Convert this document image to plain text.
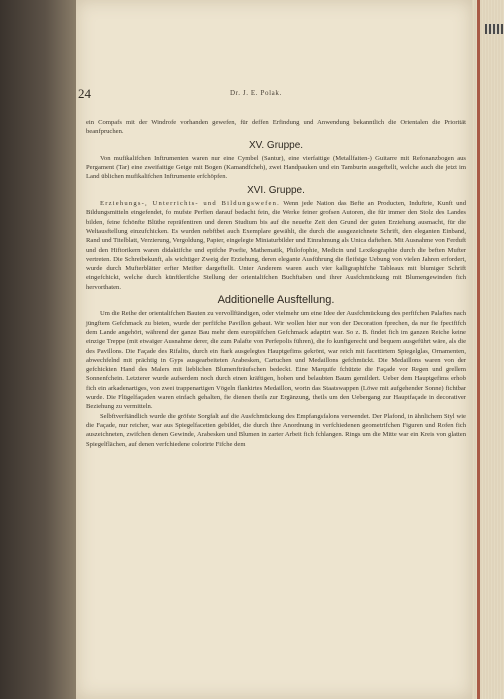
24	Dr. J. E. Polak.

ein Compafs mit der Windrofe vorhanden gewefen, für deffen Erfindung und Anwendung bekanntlich die Orientalen die Priorität beanfpruchen.

XV. Gruppe.

Von mufikalifchen Inftrumenten waren nur eine Cymbel (Santur), eine vierfaitige (Metallfaiten-) Guitarre mit Refonanzbogen aus Pergament (Tar) eine zweifaitige Geige mit Bogen (Kamandfcheh), zwei Handpauken und ein Tamburin ausgeftellt, welche auch die jetzt im Land üblichen mufikalifchen Inftrumente erfchöpfen.

XVI. Gruppe.

Erziehungs-, Unterrichts- und Bildungswefen. Wenn jede Nation das Befte an Producten, Induftrie, Kunft und Bildungsmitteln eingefendet, fo mufste Perfien darauf bedacht fein, die Werke feiner grofsen Autoren, die für immer den Stolz des Landes bilden, feine fchönfte Blüthe repräfentiren und deren Studium bis auf die neuefte Zeit den Grund der guten Erziehung ausmacht, für die Weltausftellung einzufchicken. Es wurden nebftbei auch Exemplare gewählt, die durch die ausgezeichnete Schrift, den eleganten Einband, Rand und Titelblatt, Verzierung, Vergoldung, Papier, eingelegte Miniaturbilder und Einrahmung als Unica daftehen. Mit Ausnahme von Ferduft und den Hiftorikern waren didaktifche und epifche Poefie, Mathematik, Philofophie, Medicin und Lexikographie durch die beften Mufter vertreten. Die Schreibekunft, als wichtiger Zweig der Erziehung, deren elegante Ausführung die fleifsige Uebung von vielen Jahren erfordert, wurde durch Mufterblätter erfter Meifter dargeftellt. Unter Anderem waren auch vier kalligraphifche Tableaux mit blumiger Schrift eingefchickt, welche durch künftlerifche Stellung der orientalifchen Buchftaben und ihrer Ausfchmückung mit Blumengewinden fich hervorthaten.

Additionelle Ausftellung.

Um die Reihe der orientalifchen Bauten zu vervollftändigen, oder vielmehr um eine Idee der Ausfchmückung des perfifchen Palaftes nach jüngftem Gefchmack zu bieten, wurde der perfifche Pavillon gebaut. Wir wollen hier nur von der Decoration fprechen, da nur fie fpecififch dem Lande angehört, während der ganze Bau mehr dem europäifchen Gefchmack adaptirt war. So z. B. findet fich im ganzen Reiche keine einzige Treppe (mit etwaiger Ausnahme derer, die zum Palafte von Perfepolis führen), die fo kunftgerecht und bequem ausgeführt wäre, als die des Pavillons. Die Façade des Rifalits, durch ein ftark ausgelegtes Hauptgefims gekrönt, war reich mit facettirtem Spiegelglas, Ornamenten, abwechfelnd mit prächtig in Gyps ausgearbeiteten Arabesken, Cartuchen und Medaillons gefchmückt. Die Medaillons waren von der gefchickten Hand des Malers mit lieblichen Blumenfträufschen bedeckt. Eine Marquife fchützte die Façade vor Regen und grellem Sonnenfchein. Letzterer wurde aufserdem noch durch einen kräftigen, hohen und belaubten Baum gemildert. Ueber dem Hauptgefims erhob fich ein arkadenartiges, von zwei trappenartigen Vögeln flankirtes Medaillon, worin das Staatswappen (Löwe mit aufgehender Sonne) fichtbar wurde. Die Flügelfaçaden waren einfach gehalten, fie dienen theils zur Ergänzung, theils um den Uebergang zur Hauptfaçade in decorativer Beziehung zu vermitteln.

Selbftverftändlich wurde die gröfste Sorgfalt auf die Ausfchmückung des Empfangsfalons verwendet. Der Plafond, in ähnlichem Styl wie die Façade, nur reicher, war aus Spiegelfacetten gebildet, die durch ihre Anordnung in verfchiedenen geometrifchen Figuren und Rofen fich auszeichneten, zwifchen denen Gewinde, Arabesken und Blumen in zarter Arbeit fich fchlangen. Rings um die Mitte war ein Kreis von glatten Spiegelflächen, auf denen verfchiedene colorirte Fifche dem
